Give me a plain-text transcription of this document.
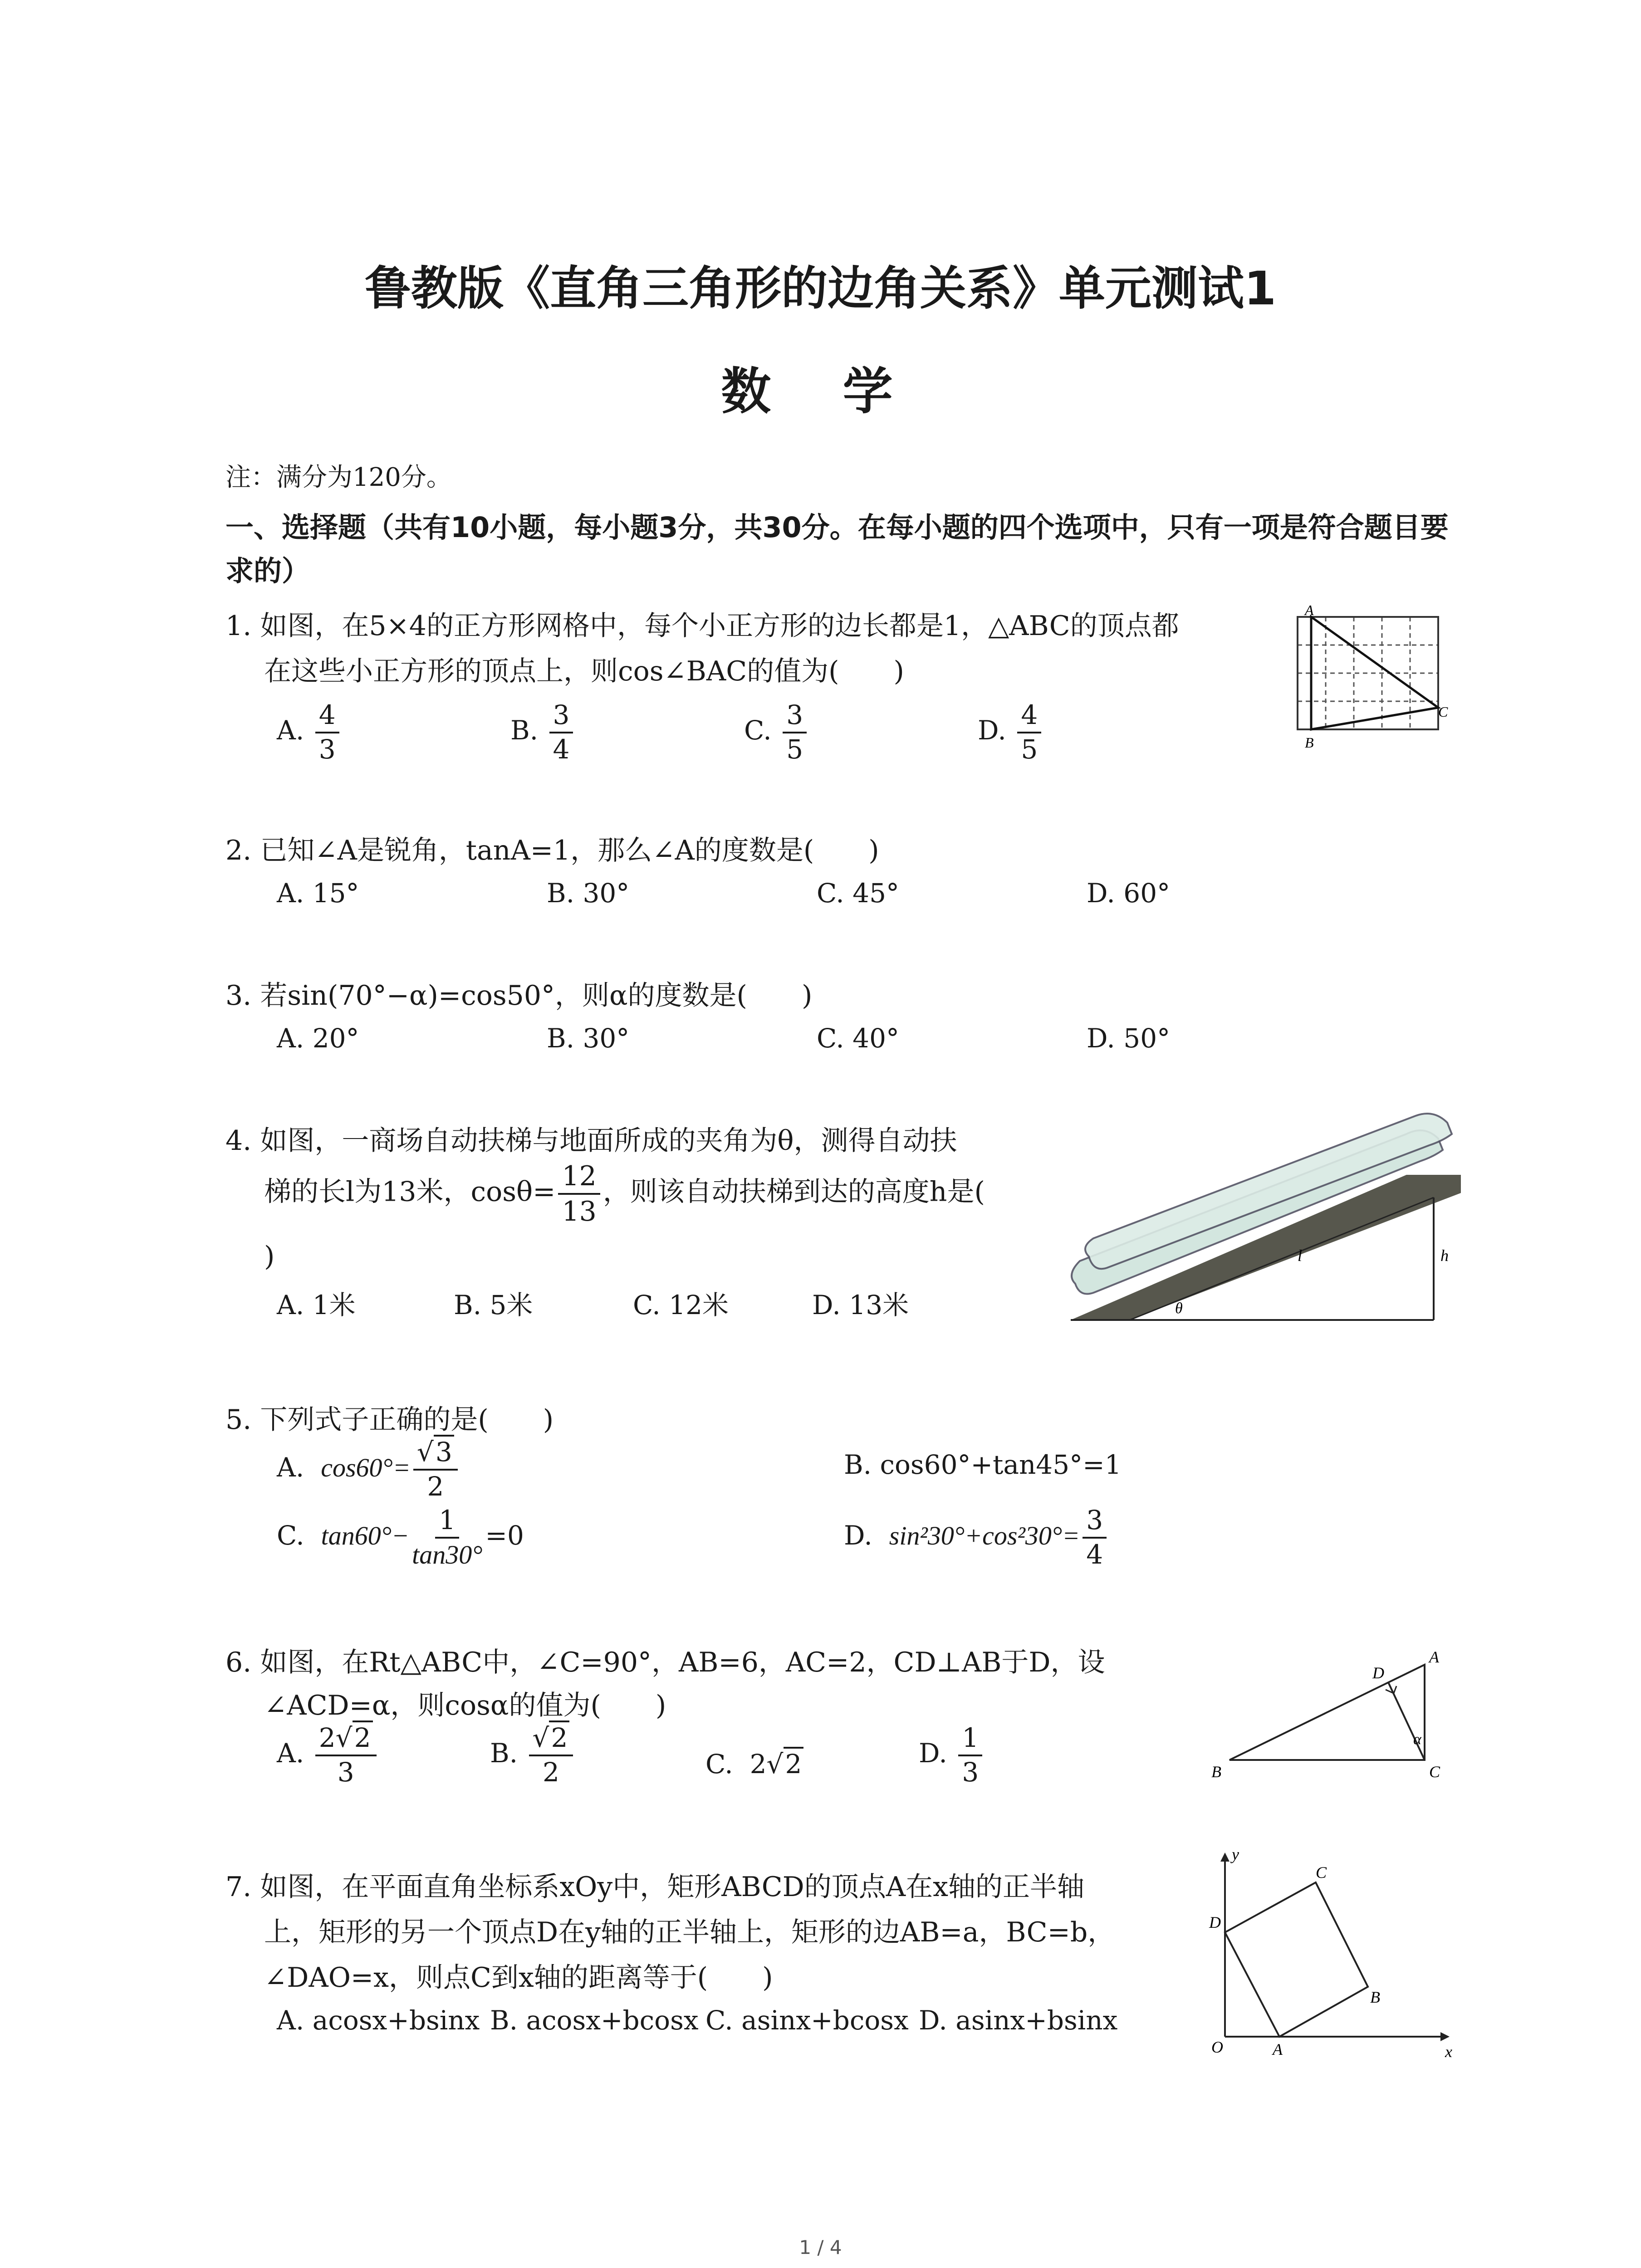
鲁教版《直角三角形的边角关系》单元测试1
数 学
注：满分为120分。
一、选择题（共有10小题，每小题3分，共30分。在每小题的四个选项中，只有一项是符合题目要求的）
1. 如图，在5×4的正方形网格中，每个小正方形的边长都是1，△ABC的顶点都
在这些小正方形的顶点上，则cos∠BAC的值为(　　)
A. $\frac{4}{3}$	B. $\frac{3}{4}$	C. $\frac{3}{5}$	D. $\frac{4}{5}$
A
B
C
2. 已知∠A是锐角，tanA=1，那么∠A的度数是(　　)
A. 15°	B. 30°	C. 45°	D. 60°
3. 若sin(70°−α)=cos50°，则α的度数是(　　)
A. 20°	B. 30°	C. 40°	D. 50°
4. 如图，一商场自动扶梯与地面所成的夹角为θ，测得自动扶
梯的长l为13米，$\cos\theta= \frac{12}{13}$ ，则该自动扶梯到达的高度h是(
)
A. 1米	B. 5米	C. 12米	D. 13米
h
l
θ
5. 下列式子正确的是(　　)
A. $\cos 60^\circ= \frac{√3}{2}$	B. cos60°+tan45°=1
C. $\tan 60^\circ- \frac{1}{\tan 30^\circ} =0$	D. $\sin^230^\circ+\cos^230^\circ= \frac{3}{4}$
6. 如图，在Rt△ABC中，∠C=90°，AB=6，AC=2，CD⊥AB于D，设
∠ACD=α，则cosα的值为(　　)
A. $\frac{2√2}{3}$	B. $\frac{√2}{2}$	C. 2√2	D. $\frac{1}{3}$	B	C
A
D
α
7. 如图，在平面直角坐标系xOy中，矩形ABCD的顶点A在x轴的正半轴
上，矩形的另一个顶点D在y轴的正半轴上，矩形的边AB=a，BC=b，
∠DAO=x，则点C到x轴的距离等于(　　)
A. acosx+bsinx B. acosx+bcosx C. asinx+bcosx D. asinx+bsinx
O	A
B
C
D
y
x
1 / 4
